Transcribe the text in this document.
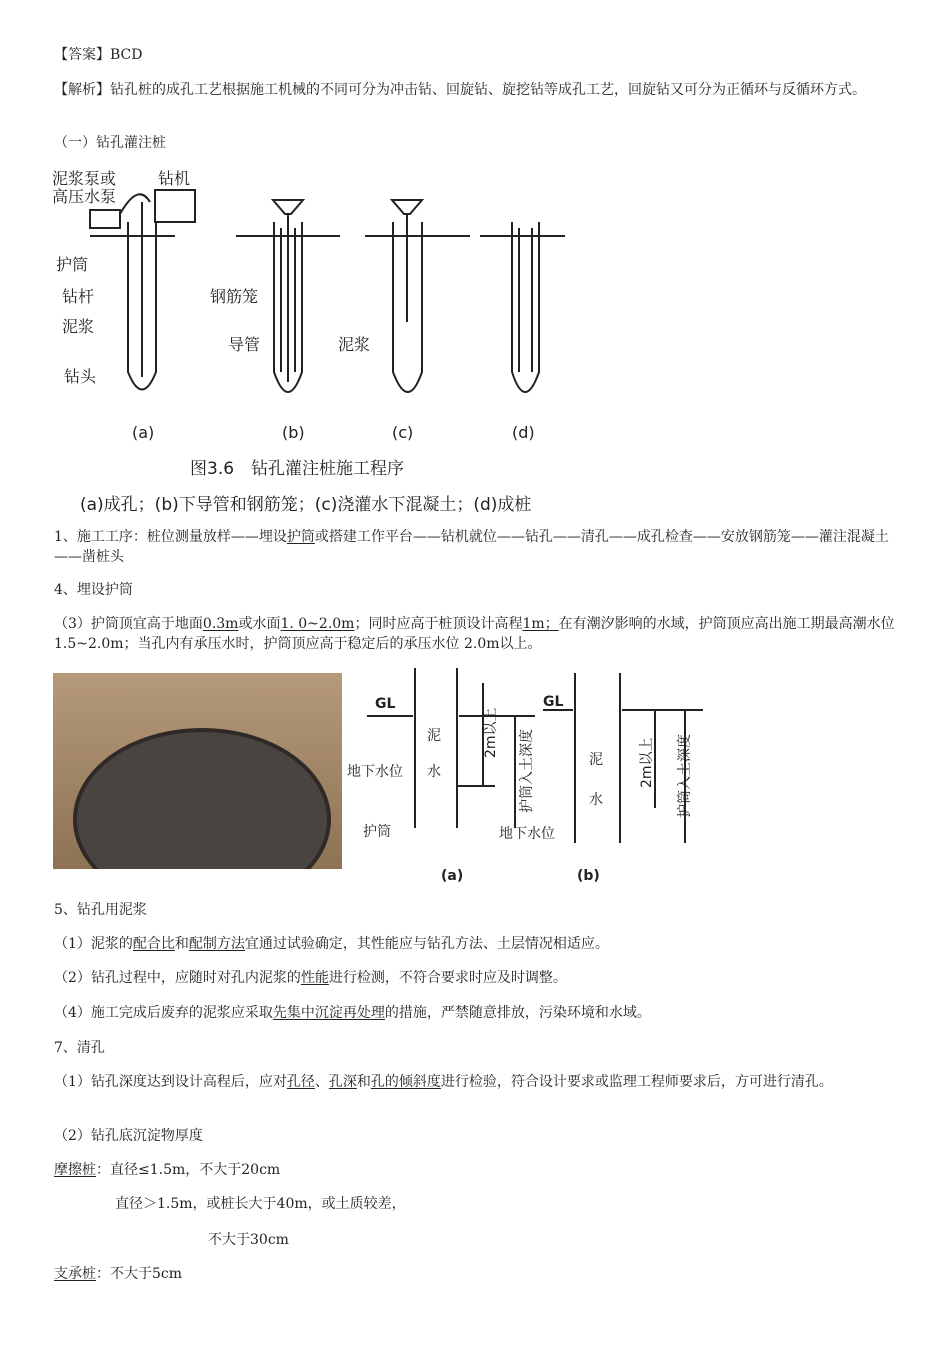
【答案】BCD
【解析】钻孔桩的成孔工艺根据施工机械的不同可分为冲击钻、回旋钻、旋挖钻等成孔工艺，回旋钻又可分为正循环与反循环方式。
（一）钻孔灌注桩
泥浆泵或
高压水泵
钻机
护筒
钻杆
泥浆
钻头
钢筋笼
导管	泥浆
(a)	(b)	(c)	(d)
图3.6　钻孔灌注桩施工程序
(a)成孔；(b)下导管和钢筋笼；(c)浇灌水下混凝土；(d)成桩
1、施工工序：桩位测量放样——埋设护筒或搭建工作平台——钻机就位——钻孔——清孔——成孔检查——安放钢筋笼——灌注混凝土——凿桩头
4、埋设护筒
（3）护筒顶宜高于地面0.3m或水面1. 0~2.0m；同时应高于桩顶设计高程1m；在有潮汐影响的水域，护筒顶应高出施工期最高潮水位1.5~2.0m；当孔内有承压水时，护筒顶应高于稳定后的承压水位 2.0m以上。
GL
泥
水
地下水位
护筒
2m以上 护筒入土深度
GL
泥
水
地下水位
2m以上 护筒入土深度
(a)	(b)
5、钻孔用泥浆
（1）泥浆的配合比和配制方法宜通过试验确定，其性能应与钻孔方法、土层情况相适应。
（2）钻孔过程中，应随时对孔内泥浆的性能进行检测，不符合要求时应及时调整。
（4）施工完成后废弃的泥浆应采取先集中沉淀再处理的措施，严禁随意排放，污染环境和水域。
7、清孔
（1）钻孔深度达到设计高程后，应对孔径、孔深和孔的倾斜度进行检验，符合设计要求或监理工程师要求后，方可进行清孔。
（2）钻孔底沉淀物厚度
摩擦桩：直径≤1.5m，不大于20cm
直径＞1.5m，或桩长大于40m，或土质较差，
不大于30cm
支承桩：不大于5cm
